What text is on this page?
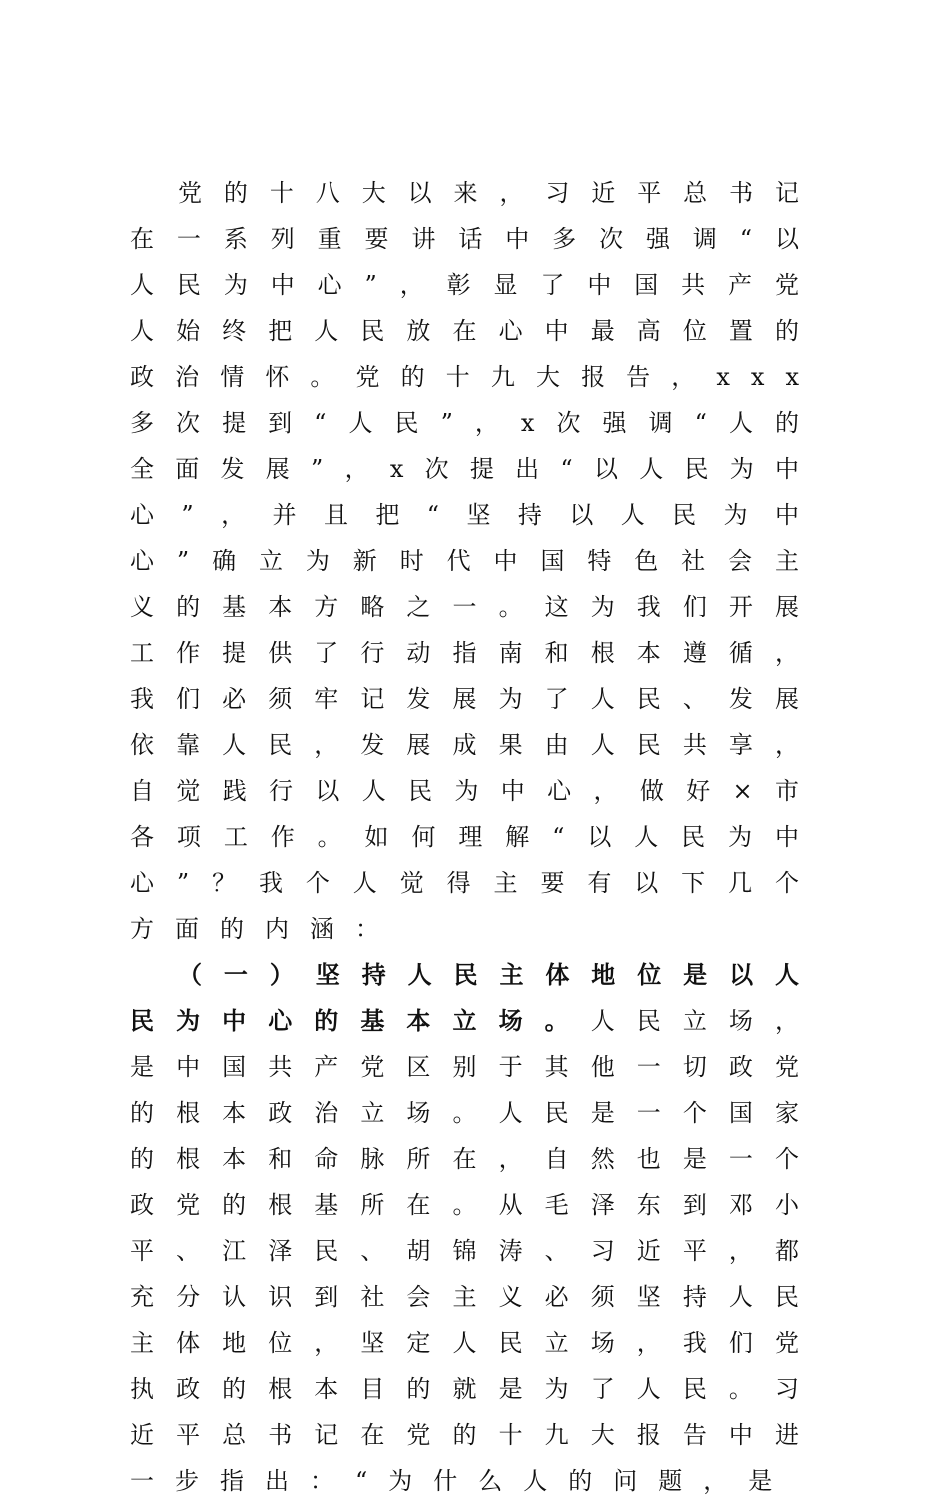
党的十八大以来，习近平总书记在一系列重要讲话中多次强调“以人民为中心”，彰显了中国共产党人始终把人民放在心中最高位置的政治情怀。党的十九大报告，xxx多次提到“人民”，x次强调“人的全面发展”，x次提出“以人民为中心”，并且把“坚持以人民为中心”确立为新时代中国特色社会主义的基本方略之一。这为我们开展工作提供了行动指南和根本遵循，我们必须牢记发展为了人民、发展依靠人民，发展成果由人民共享，自觉践行以人民为中心，做好×市各项工作。如何理解“以人民为中心”？我个人觉得主要有以下几个方面的内涵：

（一）坚持人民主体地位是以人民为中心的基本立场。人民立场，是中国共产党区别于其他一切政党的根本政治立场。人民是一个国家的根本和命脉所在，自然也是一个政党的根基所在。从毛泽东到邓小平、江泽民、胡锦涛、习近平，都充分认识到社会主义必须坚持人民主体地位，坚定人民立场，我们党执政的根本目的就是为了人民。习近平总书记在党的十九大报告中进一步指出：“为什么人的问题，是
